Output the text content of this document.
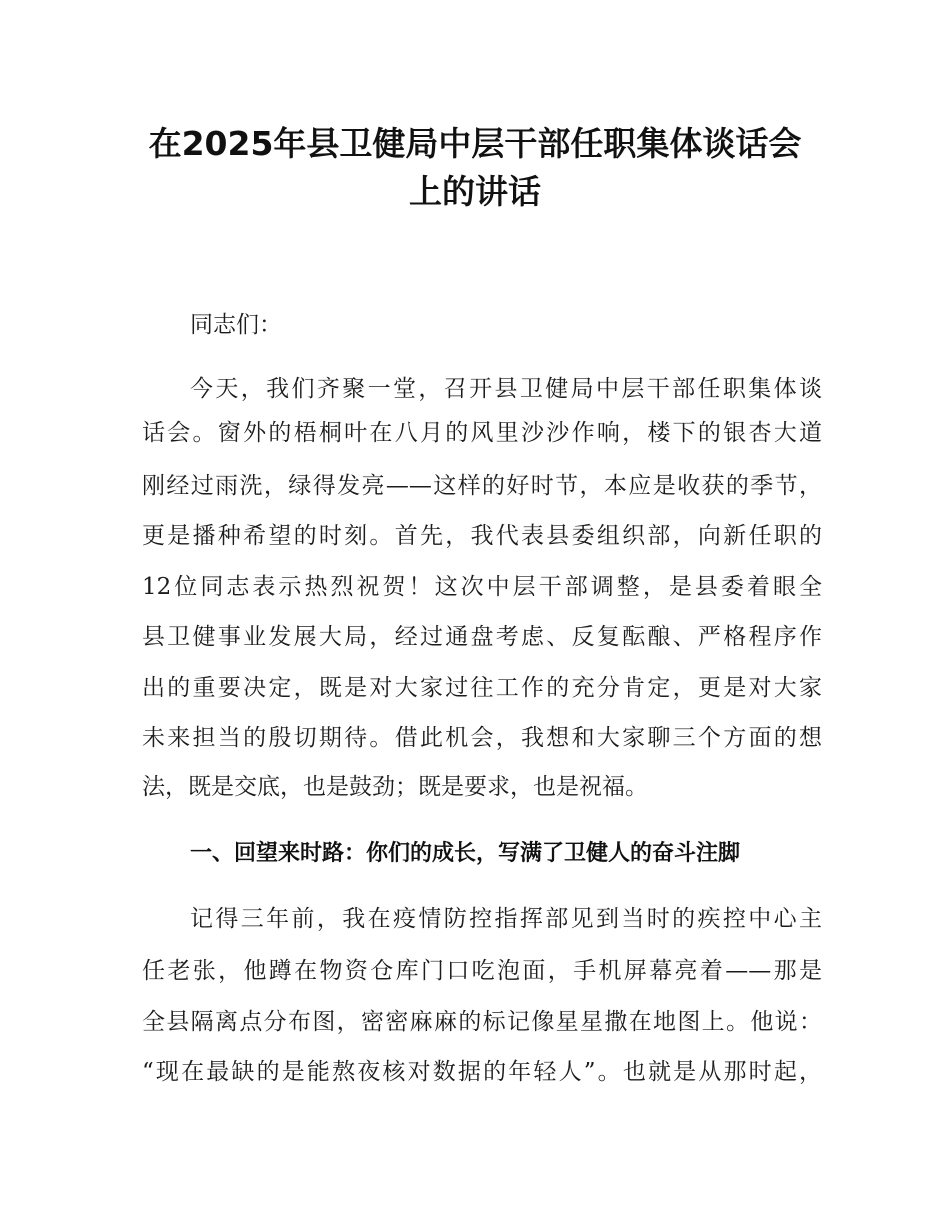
在2025年县卫健局中层干部任职集体谈话会
上的讲话
同志们：
今天，我们齐聚一堂，召开县卫健局中层干部任职集体谈
话会。窗外的梧桐叶在八月的风里沙沙作响，楼下的银杏大道
刚经过雨洗，绿得发亮——这样的好时节，本应是收获的季节，
更是播种希望的时刻。首先，我代表县委组织部，向新任职的
12位同志表示热烈祝贺！这次中层干部调整，是县委着眼全
县卫健事业发展大局，经过通盘考虑、反复酝酿、严格程序作
出的重要决定，既是对大家过往工作的充分肯定，更是对大家
未来担当的殷切期待。借此机会，我想和大家聊三个方面的想
法，既是交底，也是鼓劲；既是要求，也是祝福。
一、回望来时路：你们的成长，写满了卫健人的奋斗注脚
记得三年前，我在疫情防控指挥部见到当时的疾控中心主
任老张，他蹲在物资仓库门口吃泡面，手机屏幕亮着——那是
全县隔离点分布图，密密麻麻的标记像星星撒在地图上。他说：
“现在最缺的是能熬夜核对数据的年轻人”。也就是从那时起，
